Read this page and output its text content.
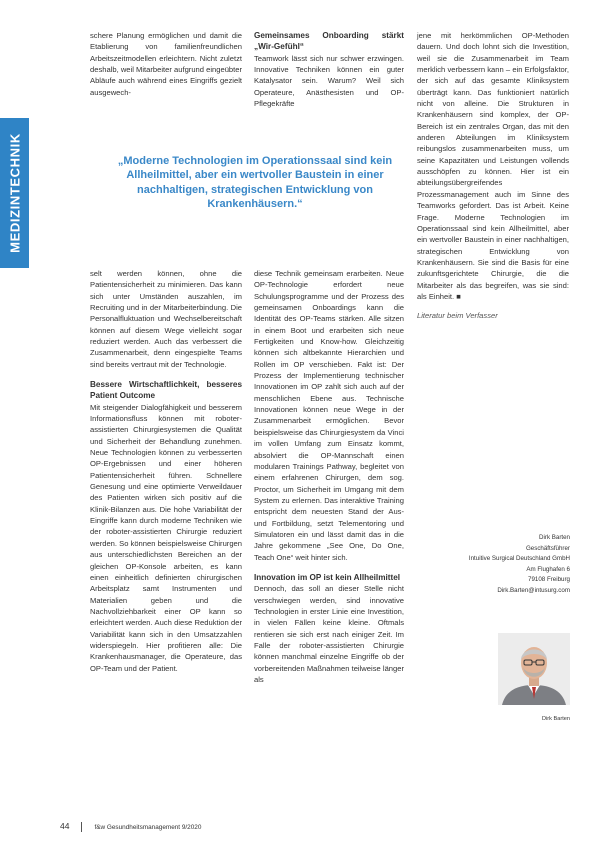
MEDIZINTECHNIK

schere Planung ermöglichen und damit die Etablierung von familienfreundlichen Arbeitszeitmodellen erleichtern. Nicht zuletzt deshalb, weil Mitarbeiter aufgrund eingeübter Abläufe auch während eines Eingriffs gezielt ausgewech-

Gemeinsames Onboarding stärkt „Wir-Gefühl“

Teamwork lässt sich nur schwer erzwingen. Innovative Techniken können ein guter Katalysator sein. Warum? Weil sich Operateure, Anästhesisten und OP-Pflegekräfte

„Moderne Technologien im Operationssaal sind kein Allheilmittel, aber ein wertvoller Baustein in einer nachhaltigen, strategischen Entwicklung von Krankenhäusern.“

selt werden können, ohne die Patientensicherheit zu minimieren. Das kann sich unter Umständen auszahlen, im Recruiting und in der Mitarbeiterbindung. Die Personalfluktuation und Wechselbereitschaft können auf diesem Wege vielleicht sogar reduziert werden. Auch das verbessert die Zusammenarbeit, denn eingespielte Teams sind bereits vertraut mit der Technologie.

Bessere Wirtschaftlichkeit, besseres Patient Outcome

Mit steigender Dialogfähigkeit und besserem Informationsfluss können mit roboter-assistierten Chirurgiesystemen die Qualität und Sicherheit der Behandlung zunehmen. Neue Technologien können zu verbesserten OP-Ergebnissen und einer höheren Patientensicherheit führen. Schnellere Genesung und eine optimierte Verweildauer des Patienten wirken sich positiv auf die Klinik-Bilanzen aus. Die hohe Variabilität der Eingriffe kann durch moderne Techniken wie der roboter-assistierten Chirurgie reduziert werden. So können beispielsweise Chirurgen aus unterschiedlichsten Bereichen an der gleichen OP-Konsole arbeiten, es kann einen einheitlich definierten chirurgischen Arbeitsplatz samt Instrumenten und Materialien geben und die Nachvollziehbarkeit einer OP kann so erleichtert werden. Auch diese Reduktion der Variabilität kann sich in den Umsatzzahlen widerspiegeln. Hier profitieren alle: Die Krankenhausmanager, die Operateure, das OP-Team und der Patient.

diese Technik gemeinsam erarbeiten. Neue OP-Technologie erfordert neue Schulungsprogramme und der Prozess des gemeinsamen Onboardings kann die Identität des OP-Teams stärken. Alle sitzen in einem Boot und erarbeiten sich neue Fertigkeiten und Know-how. Gleichzeitig können sich altbekannte Hierarchien und Rollen im OP verschieben. Fakt ist: Der Prozess der Implementierung technischer Innovationen im OP zahlt sich auch auf der menschlichen Ebene aus. Technische Innovationen können neue Wege in der Zusammenarbeit ermöglichen. Bevor beispielsweise das Chirurgiesystem da Vinci im vollen Umfang zum Einsatz kommt, absolviert die OP-Mannschaft einen modularen Trainings Pathway, begleitet von einem erfahrenen Chirurgen, dem sog. Proctor, um Sicherheit im Umgang mit dem System zu erlernen. Das interaktive Training entspricht dem neuesten Stand der Aus- und Fortbildung, setzt Telementoring und Simulatoren ein und lässt damit das in die Jahre gekommene „See One, Do One, Teach One“ weit hinter sich.

Innovation im OP ist kein Allheilmittel

Dennoch, das soll an dieser Stelle nicht verschwiegen werden, sind innovative Technologien in erster Linie eine Investition, in vielen Fällen keine kleine. Oftmals rentieren sie sich erst nach einiger Zeit. Im Falle der roboter-assistierten Chirurgie können manchmal einzelne Eingriffe ob der vorbereitenden Maßnahmen teilweise länger als

jene mit herkömmlichen OP-Methoden dauern. Und doch lohnt sich die Investition, weil sie die Zusammenarbeit im Team merklich verbessern kann – ein Erfolgsfaktor, der sich auf das gesamte Kliniksystem überträgt kann. Das funktioniert natürlich nicht von alleine. Die Strukturen in Krankenhäusern sind komplex, der OP-Bereich ist ein zentrales Organ, das mit den anderen Abteilungen im Kliniksystem reibungslos zusammenarbeiten muss, um seine Kapazitäten und Leistungen vollends ausschöpfen zu können. Hier ist ein abteilungsübergreifendes Prozessmanagement auch im Sinne des Teamworks gefordert. Das ist Arbeit. Keine Frage. Moderne Technologien im Operationssaal sind kein Allheilmittel, aber ein wertvoller Baustein in einer nachhaltigen, strategischen Entwicklung von Krankenhäusern. Sie sind die Basis für eine zukunftsgerichtete Chirurgie, die die Mitarbeiter als das begreifen, was sie sind: als Einheit. ■

Literatur beim Verfasser

Dirk Barten
Geschäftsführer
Intuitive Surgical Deutschland GmbH
Am Flughafen 6
79108 Freiburg
Dirk.Barten@intusurg.com
Dirk Barten
44	f&w Gesundheitsmanagement 9/2020
